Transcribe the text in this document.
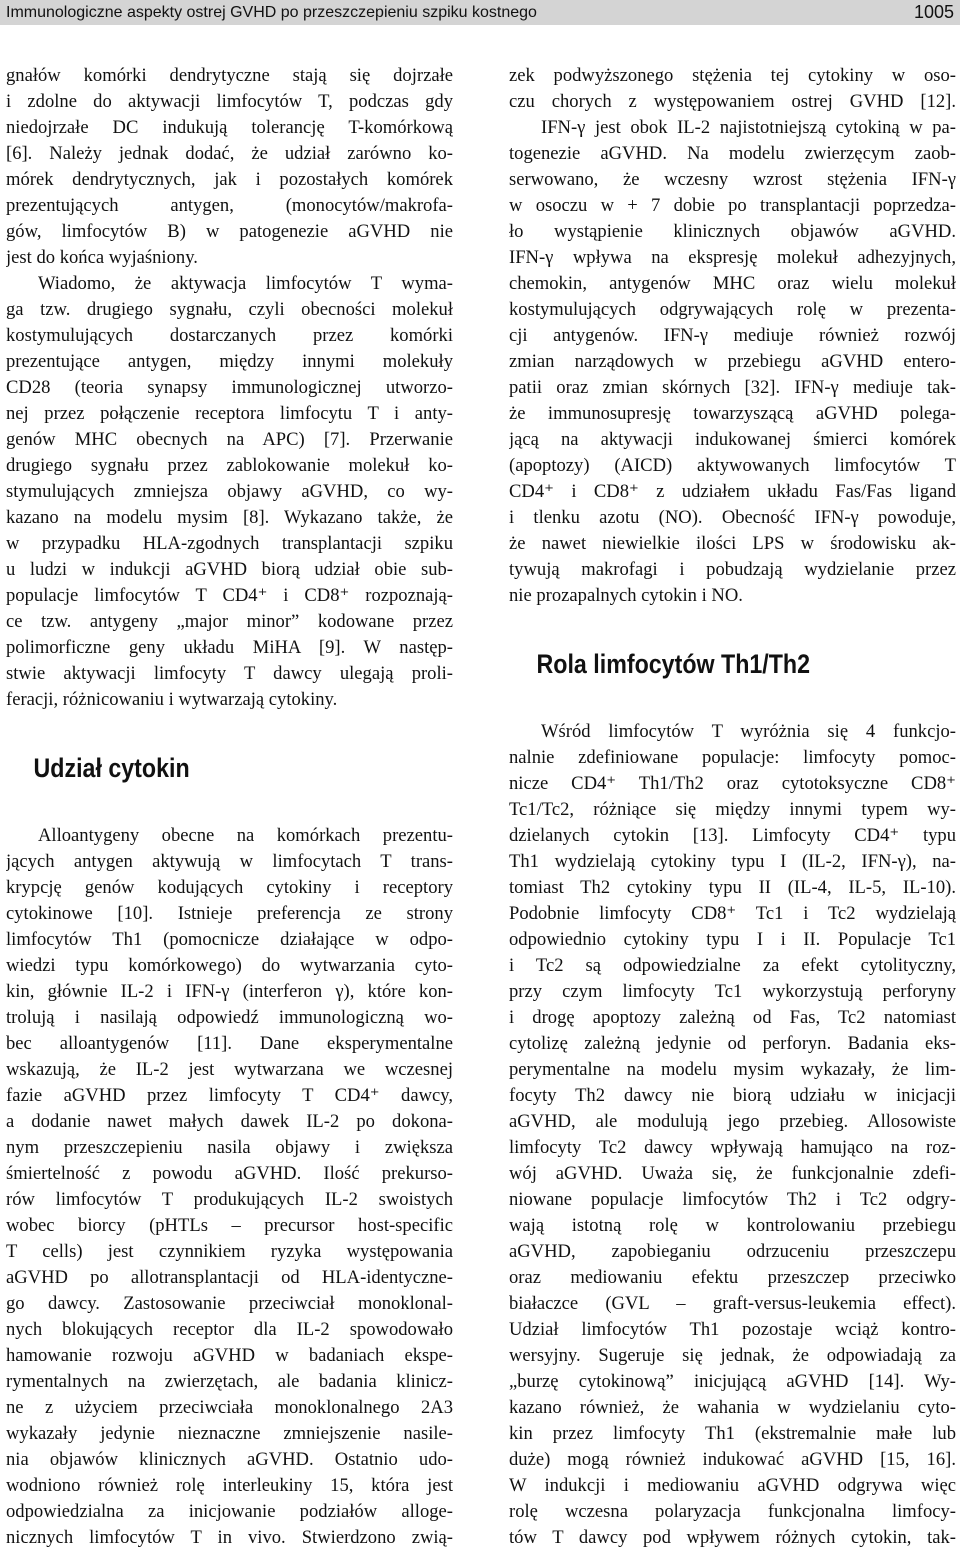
Immunologiczne aspekty ostrej GVHD po przeszczepieniu szpiku kostnego	1005
gnałów komórki dendrytyczne stają się dojrzałe
i zdolne do aktywacji limfocytów T, podczas gdy
niedojrzałe DC indukują tolerancję T-komórkową
[6]. Należy jednak dodać, że udział zarówno ko-
mórek dendrytycznych, jak i pozostałych komórek
prezentujących antygen, (monocytów/makrofa-
gów, limfocytów B) w patogenezie aGVHD nie
jest do końca wyjaśniony.
Wiadomo, że aktywacja limfocytów T wyma-
ga tzw. drugiego sygnału, czyli obecności molekuł
kostymulujących dostarczanych przez komórki
prezentujące antygen, między innymi molekuły
CD28 (teoria synapsy immunologicznej utworzo-
nej przez połączenie receptora limfocytu T i anty-
genów MHC obecnych na APC) [7]. Przerwanie
drugiego sygnału przez zablokowanie molekuł ko-
stymulujących zmniejsza objawy aGVHD, co wy-
kazano na modelu mysim [8]. Wykazano także, że
w przypadku HLA-zgodnych transplantacji szpiku
u ludzi w indukcji aGVHD biorą udział obie sub-
populacje limfocytów T CD4⁺ i CD8⁺ rozpoznają-
ce tzw. antygeny „major minor” kodowane przez
polimorficzne geny układu MiHA [9]. W następ-
stwie aktywacji limfocyty T dawcy ulegają proli-
feracji, różnicowaniu i wytwarzają cytokiny.
Udział cytokin
Alloantygeny obecne na komórkach prezentu-
jących antygen aktywują w limfocytach T trans-
krypcję genów kodujących cytokiny i receptory
cytokinowe [10]. Istnieje preferencja ze strony
limfocytów Th1 (pomocnicze działające w odpo-
wiedzi typu komórkowego) do wytwarzania cyto-
kin, głównie IL-2 i IFN-γ (interferon γ), które kon-
trolują i nasilają odpowiedź immunologiczną wo-
bec alloantygenów [11]. Dane eksperymentalne
wskazują, że IL-2 jest wytwarzana we wczesnej
fazie aGVHD przez limfocyty T CD4⁺ dawcy,
a dodanie nawet małych dawek IL-2 po dokona-
nym przeszczepieniu nasila objawy i zwiększa
śmiertelność z powodu aGVHD. Ilość prekurso-
rów limfocytów T produkujących IL-2 swoistych
wobec biorcy (pHTLs – precursor host-specific
T cells) jest czynnikiem ryzyka występowania
aGVHD po allotransplantacji od HLA-identyczne-
go dawcy. Zastosowanie przeciwciał monoklonal-
nych blokujących receptor dla IL-2 spowodowało
hamowanie rozwoju aGVHD w badaniach ekspe-
rymentalnych na zwierzętach, ale badania klinicz-
ne z użyciem przeciwciała monoklonalnego 2A3
wykazały jedynie nieznaczne zmniejszenie nasile-
nia objawów klinicznych aGVHD. Ostatnio udo-
wodniono również rolę interleukiny 15, która jest
odpowiedzialna za inicjowanie podziałów alloge-
nicznych limfocytów T in vivo. Stwierdzono zwią-
zek podwyższonego stężenia tej cytokiny w oso-
czu chorych z występowaniem ostrej GVHD [12].
IFN-γ jest obok IL-2 najistotniejszą cytokiną w pa-
togenezie aGVHD. Na modelu zwierzęcym zaob-
serwowano, że wczesny wzrost stężenia IFN-γ
w osoczu w + 7 dobie po transplantacji poprzedza-
ło wystąpienie klinicznych objawów aGVHD.
IFN-γ wpływa na ekspresję molekuł adhezyjnych,
chemokin, antygenów MHC oraz wielu molekuł
kostymulujących odgrywających rolę w prezenta-
cji antygenów. IFN-γ mediuje również rozwój
zmian narządowych w przebiegu aGVHD entero-
patii oraz zmian skórnych [32]. IFN-γ mediuje tak-
że immunosupresję towarzyszącą aGVHD polega-
jącą na aktywacji indukowanej śmierci komórek
(apoptozy) (AICD) aktywowanych limfocytów T
CD4⁺ i CD8⁺ z udziałem układu Fas/Fas ligand
i tlenku azotu (NO). Obecność IFN-γ powoduje,
że nawet niewielkie ilości LPS w środowisku ak-
tywują makrofagi i pobudzają wydzielanie przez
nie prozapalnych cytokin i NO.
Rola limfocytów Th1/Th2
Wśród limfocytów T wyróżnia się 4 funkcjo-
nalnie zdefiniowane populacje: limfocyty pomoc-
nicze CD4⁺ Th1/Th2 oraz cytotoksyczne CD8⁺
Tc1/Tc2, różniące się między innymi typem wy-
dzielanych cytokin [13]. Limfocyty CD4⁺ typu
Th1 wydzielają cytokiny typu I (IL-2, IFN-γ), na-
tomiast Th2 cytokiny typu II (IL-4, IL-5, IL-10).
Podobnie limfocyty CD8⁺ Tc1 i Tc2 wydzielają
odpowiednio cytokiny typu I i II. Populacje Tc1
i Tc2 są odpowiedzialne za efekt cytolityczny,
przy czym limfocyty Tc1 wykorzystują perforyny
i drogę apoptozy zależną od Fas, Tc2 natomiast
cytolizę zależną jedynie od perforyn. Badania eks-
perymentalne na modelu mysim wykazały, że lim-
focyty Th2 dawcy nie biorą udziału w inicjacji
aGVHD, ale modulują jego przebieg. Allosowiste
limfocyty Tc2 dawcy wpływają hamująco na roz-
wój aGVHD. Uważa się, że funkcjonalnie zdefi-
niowane populacje limfocytów Th2 i Tc2 odgry-
wają istotną rolę w kontrolowaniu przebiegu
aGVHD, zapobieganiu odrzuceniu przeszczepu
oraz mediowaniu efektu przeszczep przeciwko
białaczce (GVL – graft-versus-leukemia effect).
Udział limfocytów Th1 pozostaje wciąż kontro-
wersyjny. Sugeruje się jednak, że odpowiadają za
„burzę cytokinową” inicjującą aGVHD [14]. Wy-
kazano również, że wahania w wydzielaniu cyto-
kin przez limfocyty Th1 (ekstremalnie małe lub
duże) mogą również indukować aGVHD [15, 16].
W indukcji i mediowaniu aGVHD odgrywa więc
rolę wczesna polaryzacja funkcjonalna limfocy-
tów T dawcy pod wpływem różnych cytokin, tak-
